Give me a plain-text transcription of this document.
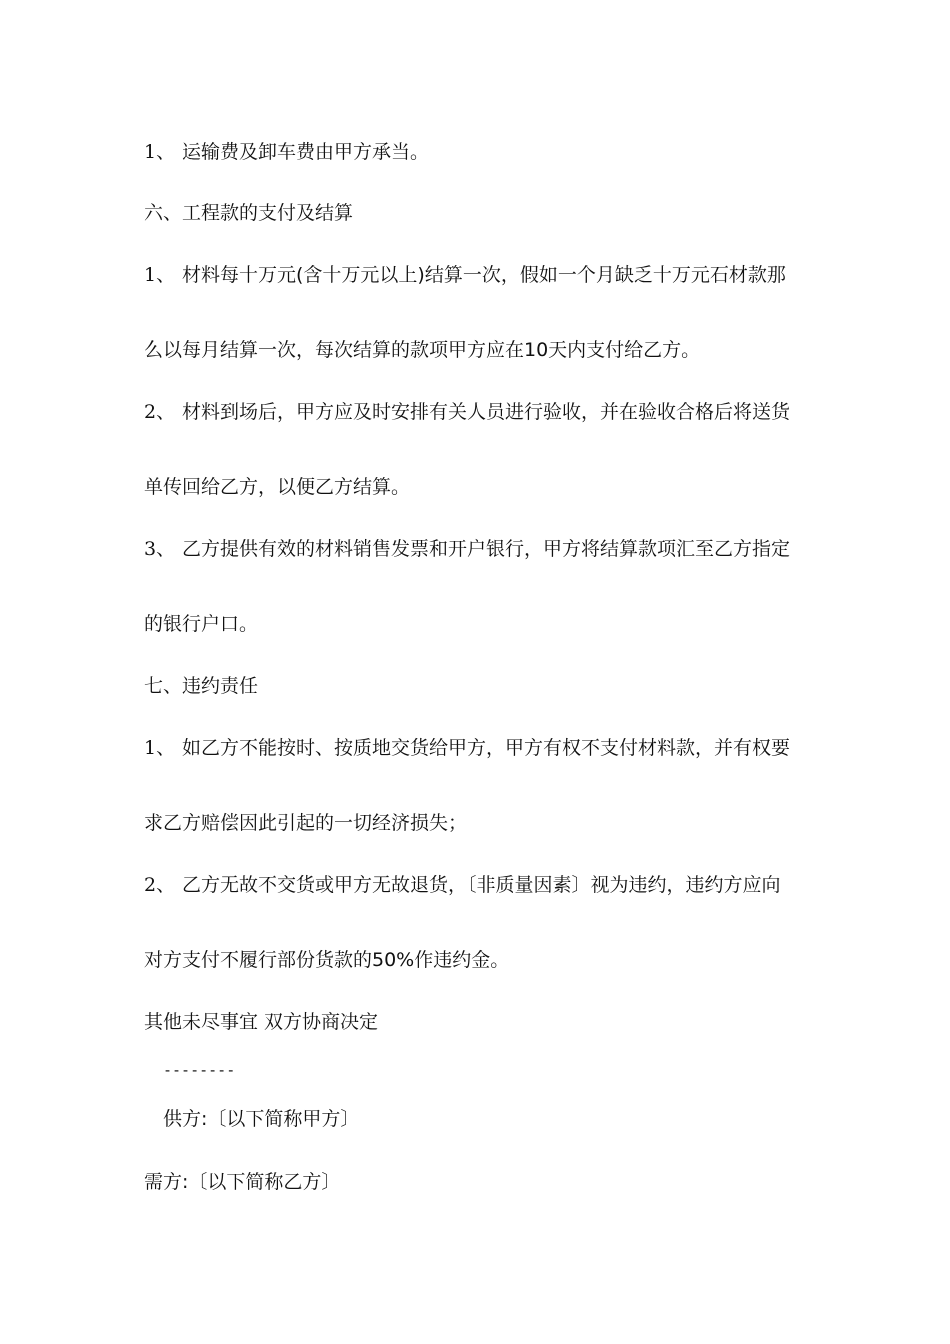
1、 运输费及卸车费由甲方承当。
六、工程款的支付及结算
1、 材料每十万元(含十万元以上)结算一次，假如一个月缺乏十万元石材款那
么以每月结算一次，每次结算的款项甲方应在10天内支付给乙方。
2、 材料到场后，甲方应及时安排有关人员进行验收，并在验收合格后将送货
单传回给乙方，以便乙方结算。
3、 乙方提供有效的材料销售发票和开户银行，甲方将结算款项汇至乙方指定
的银行户口。
七、违约责任
1、 如乙方不能按时、按质地交货给甲方，甲方有权不支付材料款，并有权要
求乙方赔偿因此引起的一切经济损失；
2、 乙方无故不交货或甲方无故退货，〔非质量因素〕视为违约，违约方应向
对方支付不履行部份货款的50%作违约金。
其他未尽事宜 双方协商决定
--------
供方:〔以下简称甲方〕
需方:〔以下简称乙方〕
